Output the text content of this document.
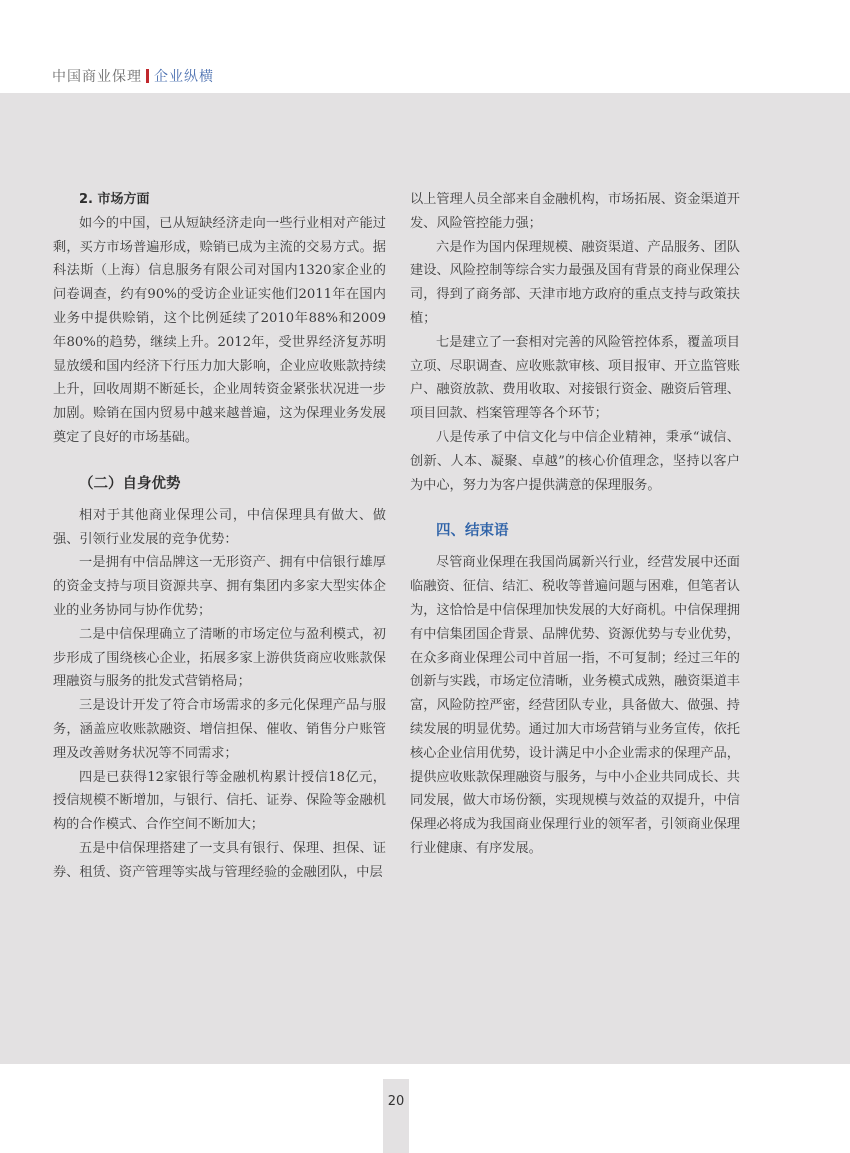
中国商业保理 企业纵横

2. 市场方面

如今的中国，已从短缺经济走向一些行业相对产能过剩，买方市场普遍形成，赊销已成为主流的交易方式。据科法斯（上海）信息服务有限公司对国内1320家企业的问卷调查，约有90%的受访企业证实他们2011年在国内业务中提供赊销，这个比例延续了2010年88%和2009年80%的趋势，继续上升。2012年，受世界经济复苏明显放缓和国内经济下行压力加大影响，企业应收账款持续上升，回收周期不断延长，企业周转资金紧张状况进一步加剧。赊销在国内贸易中越来越普遍，这为保理业务发展奠定了良好的市场基础。

（二）自身优势

相对于其他商业保理公司，中信保理具有做大、做强、引领行业发展的竞争优势：

一是拥有中信品牌这一无形资产、拥有中信银行雄厚的资金支持与项目资源共享、拥有集团内多家大型实体企业的业务协同与协作优势；

二是中信保理确立了清晰的市场定位与盈利模式，初步形成了围绕核心企业，拓展多家上游供货商应收账款保理融资与服务的批发式营销格局；

三是设计开发了符合市场需求的多元化保理产品与服务，涵盖应收账款融资、增信担保、催收、销售分户账管理及改善财务状况等不同需求；

四是已获得12家银行等金融机构累计授信18亿元，授信规模不断增加，与银行、信托、证券、保险等金融机构的合作模式、合作空间不断加大；

五是中信保理搭建了一支具有银行、保理、担保、证券、租赁、资产管理等实战与管理经验的金融团队，中层

以上管理人员全部来自金融机构，市场拓展、资金渠道开发、风险管控能力强；

六是作为国内保理规模、融资渠道、产品服务、团队建设、风险控制等综合实力最强及国有背景的商业保理公司，得到了商务部、天津市地方政府的重点支持与政策扶植；

七是建立了一套相对完善的风险管控体系，覆盖项目立项、尽职调查、应收账款审核、项目报审、开立监管账户、融资放款、费用收取、对接银行资金、融资后管理、项目回款、档案管理等各个环节；

八是传承了中信文化与中信企业精神，秉承“诚信、创新、人本、凝聚、卓越”的核心价值理念，坚持以客户为中心，努力为客户提供满意的保理服务。

四、结束语

尽管商业保理在我国尚属新兴行业，经营发展中还面临融资、征信、结汇、税收等普遍问题与困难，但笔者认为，这恰恰是中信保理加快发展的大好商机。中信保理拥有中信集团国企背景、品牌优势、资源优势与专业优势，在众多商业保理公司中首屈一指，不可复制；经过三年的创新与实践，市场定位清晰，业务模式成熟，融资渠道丰富，风险防控严密，经营团队专业，具备做大、做强、持续发展的明显优势。通过加大市场营销与业务宣传，依托核心企业信用优势，设计满足中小企业需求的保理产品，提供应收账款保理融资与服务，与中小企业共同成长、共同发展，做大市场份额，实现规模与效益的双提升，中信保理必将成为我国商业保理行业的领军者，引领商业保理行业健康、有序发展。

20
